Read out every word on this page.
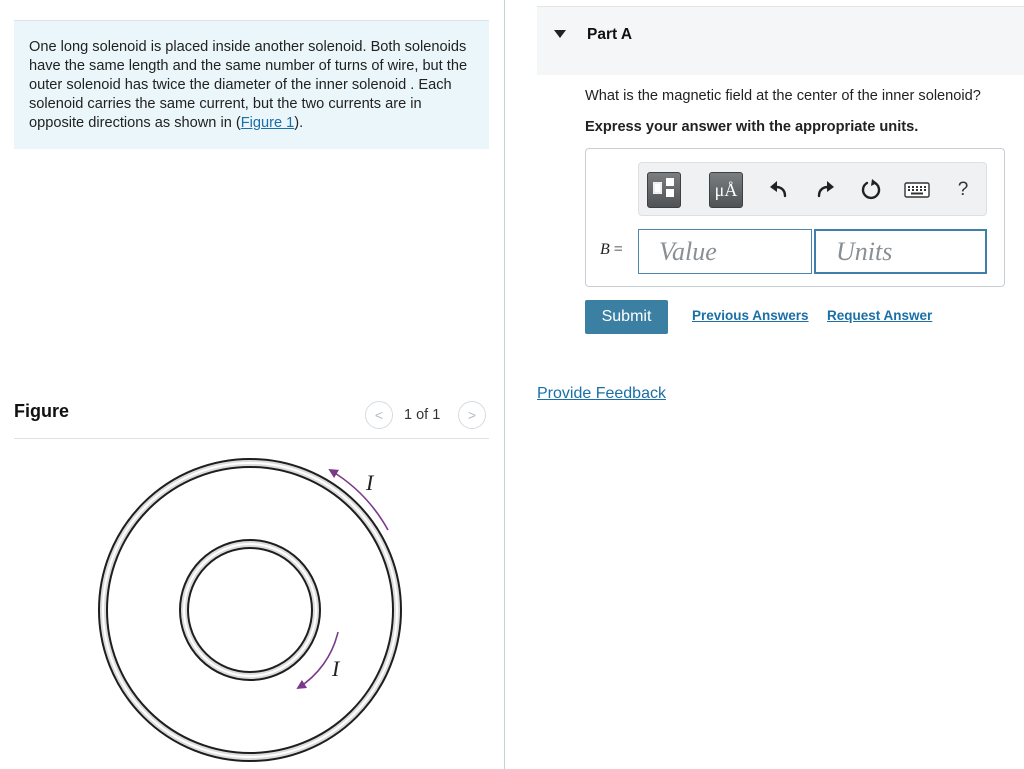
One long solenoid is placed inside another solenoid. Both solenoids have the same length and the same number of turns of wire, but the outer solenoid has twice the diameter of the inner solenoid . Each solenoid carries the same current, but the two currents are in opposite directions as shown in (Figure 1).
Figure	< 1 of 1 >
I
I
Part A
What is the magnetic field at the center of the inner solenoid?
Express your answer with the appropriate units.
μÅ	?
B =
Value
Units
Submit	Previous Answers Request Answer
Provide Feedback
